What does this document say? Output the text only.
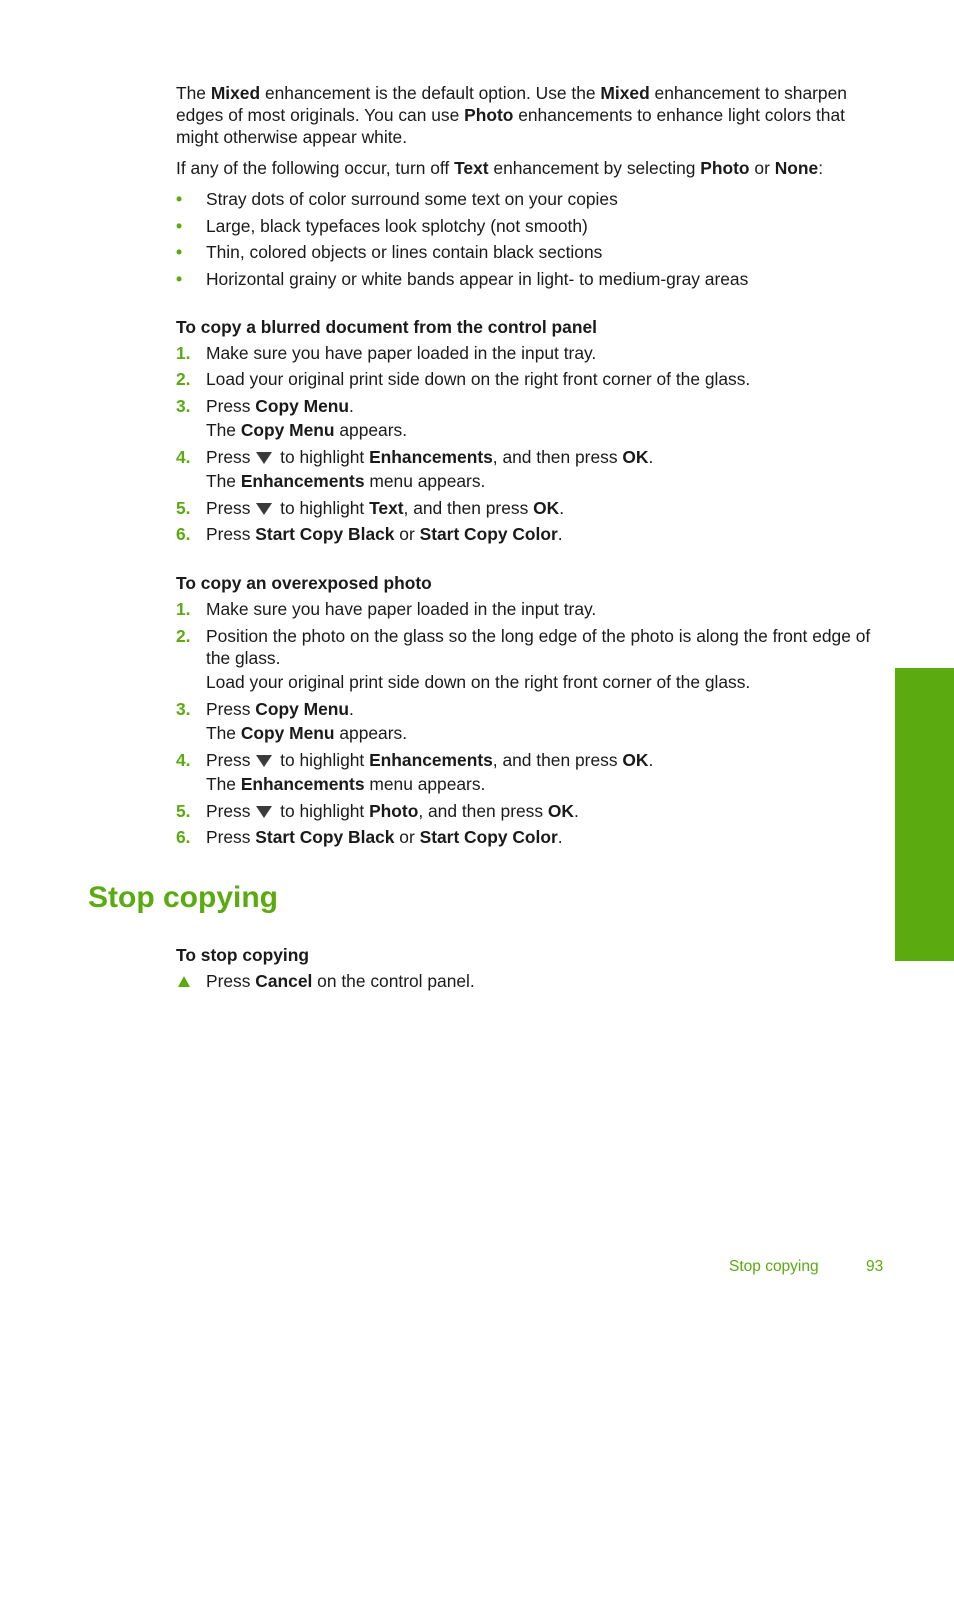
The Mixed enhancement is the default option. Use the Mixed enhancement to sharpen edges of most originals. You can use Photo enhancements to enhance light colors that might otherwise appear white.

If any of the following occur, turn off Text enhancement by selecting Photo or None:

• Stray dots of color surround some text on your copies
• Large, black typefaces look splotchy (not smooth)
• Thin, colored objects or lines contain black sections
• Horizontal grainy or white bands appear in light- to medium-gray areas
To copy a blurred document from the control panel
1. Make sure you have paper loaded in the input tray.
2. Load your original print side down on the right front corner of the glass.
3. Press Copy Menu.
The Copy Menu appears.
4. Press  to highlight Enhancements, and then press OK.
The Enhancements menu appears.
5. Press  to highlight Text, and then press OK.
6. Press Start Copy Black or Start Copy Color.
To copy an overexposed photo
1. Make sure you have paper loaded in the input tray.
2. Position the photo on the glass so the long edge of the photo is along the front edge of the glass.
Load your original print side down on the right front corner of the glass.
3. Press Copy Menu.
The Copy Menu appears.
4. Press  to highlight Enhancements, and then press OK.
The Enhancements menu appears.
5. Press  to highlight Photo, and then press OK.
6. Press Start Copy Black or Start Copy Color.
Stop copying
To stop copying
Press Cancel on the control panel.
Copy
Stop copying	93
